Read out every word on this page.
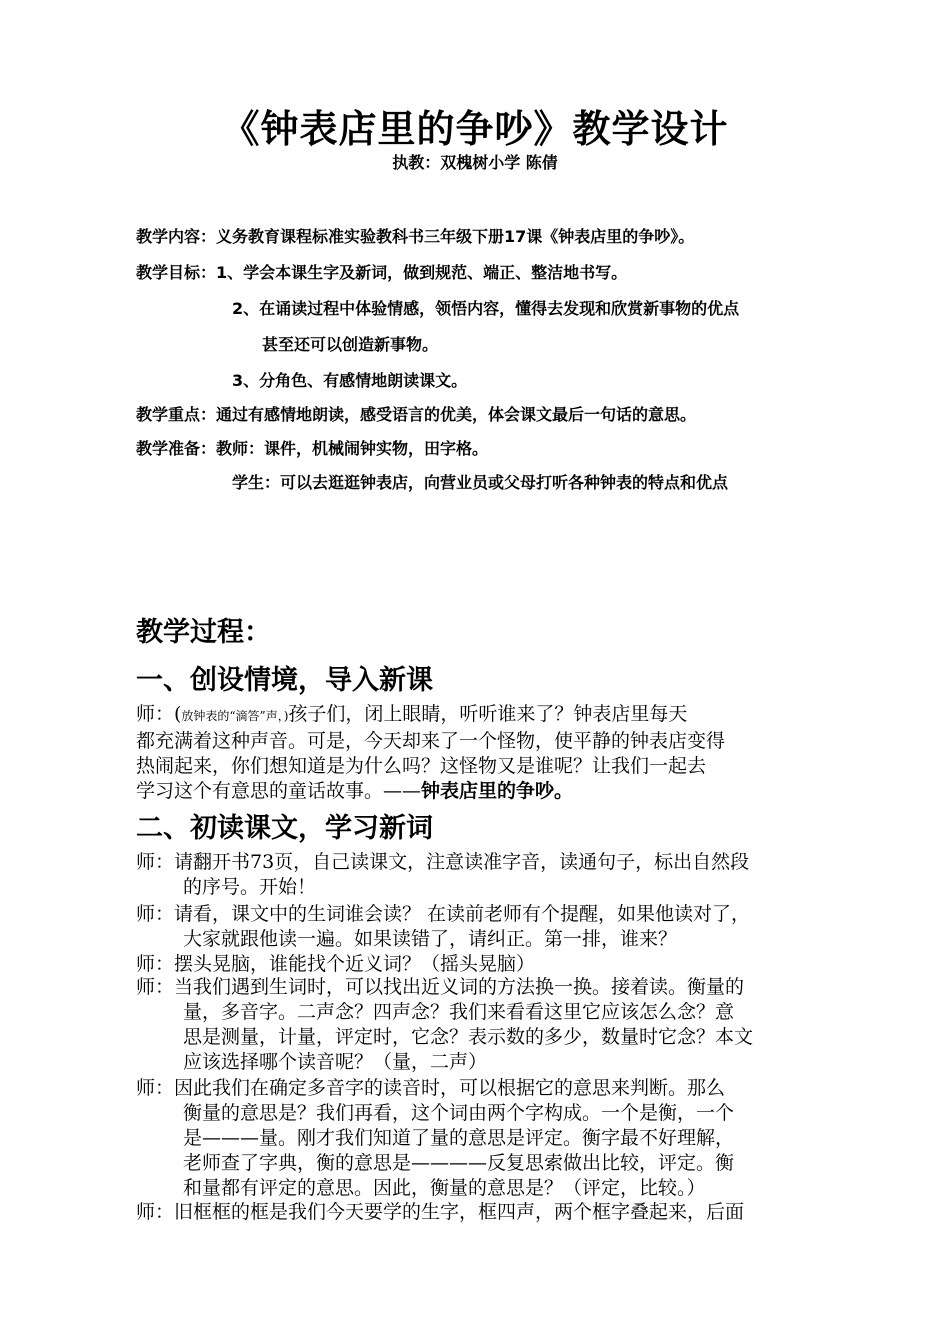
《钟表店里的争吵》教学设计
执教：双槐树小学 陈倩
教学内容：义务教育课程标准实验教科书三年级下册17课《钟表店里的争吵》。
教学目标：1、学会本课生字及新词，做到规范、端正、整洁地书写。
2、在诵读过程中体验情感，领悟内容，懂得去发现和欣赏新事物的优点
甚至还可以创造新事物。
3、分角色、有感情地朗读课文。
教学重点：通过有感情地朗读，感受语言的优美，体会课文最后一句话的意思。
教学准备：教师：课件，机械闹钟实物，田字格。
学生：可以去逛逛钟表店，向营业员或父母打听各种钟表的特点和优点
教学过程：
一、创设情境，导入新课
师：(放钟表的“滴答”声，)孩子们，闭上眼睛，听听谁来了？钟表店里每天
都充满着这种声音。可是，今天却来了一个怪物，使平静的钟表店变得
热闹起来，你们想知道是为什么吗？这怪物又是谁呢？让我们一起去
学习这个有意思的童话故事。——钟表店里的争吵。
二、初读课文，学习新词
师：请翻开书73页，自己读课文，注意读准字音，读通句子，标出自然段
的序号。开始！
师：请看，课文中的生词谁会读？ 在读前老师有个提醒，如果他读对了，
大家就跟他读一遍。如果读错了，请纠正。第一排，谁来？
师：摆头晃脑，谁能找个近义词？（摇头晃脑）
师：当我们遇到生词时，可以找出近义词的方法换一换。接着读。衡量的
量，多音字。二声念？四声念？我们来看看这里它应该怎么念？意
思是测量，计量，评定时，它念？表示数的多少，数量时它念？本文
应该选择哪个读音呢？（量，二声）
师：因此我们在确定多音字的读音时，可以根据它的意思来判断。那么
衡量的意思是？我们再看，这个词由两个字构成。一个是衡，一个
是———量。刚才我们知道了量的意思是评定。衡字最不好理解，
老师查了字典，衡的意思是————反复思索做出比较，评定。衡
和量都有评定的意思。因此，衡量的意思是？（评定，比较。）
师：旧框框的框是我们今天要学的生字，框四声，两个框字叠起来，后面
